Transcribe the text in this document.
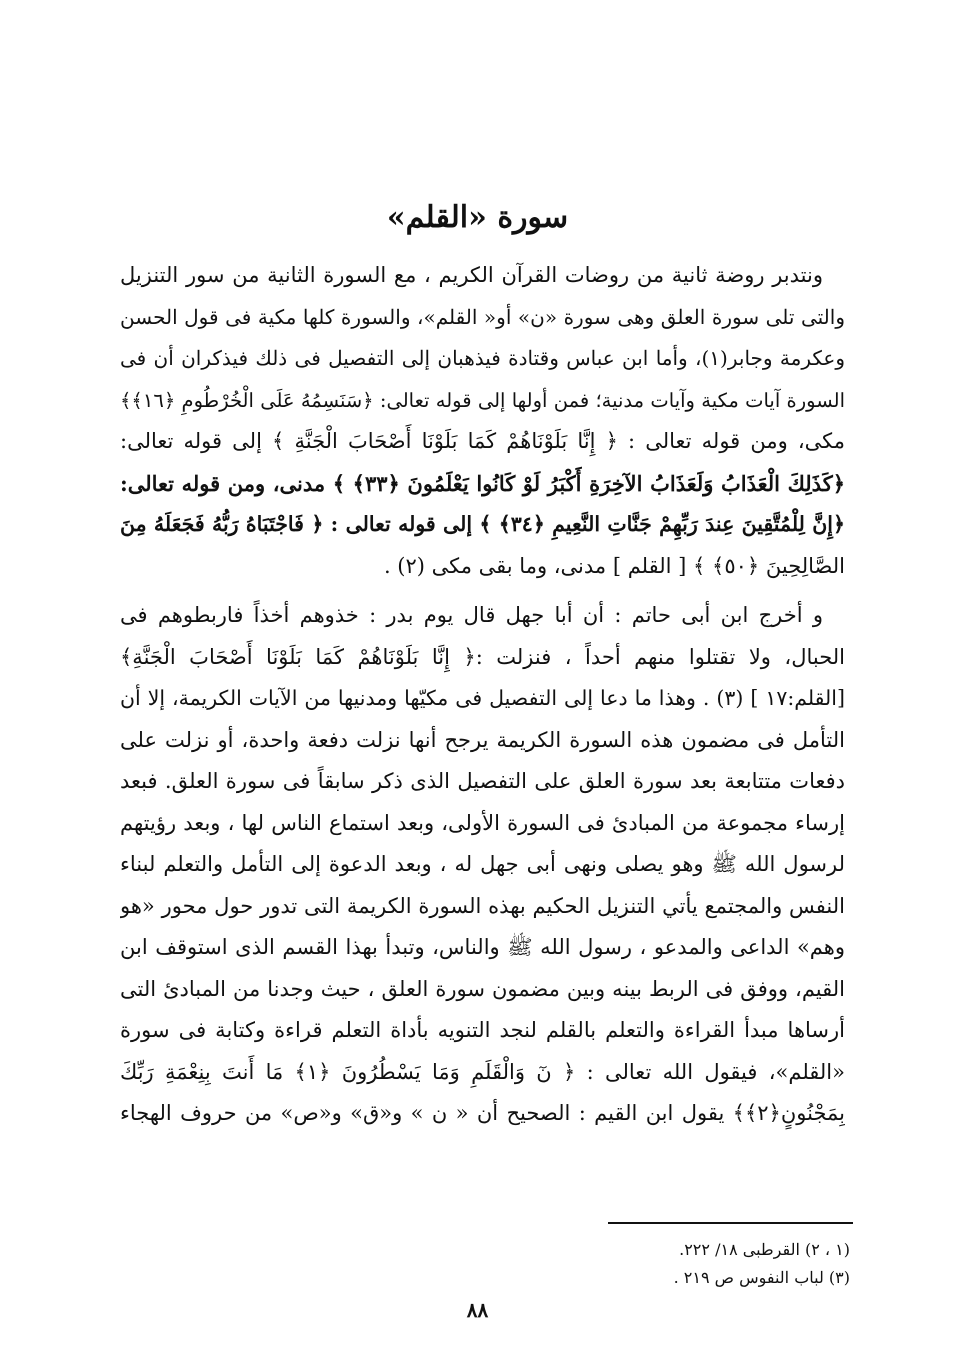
سورة «القلم»
ونتدبر روضة ثانية من روضات القرآن الكريم ، مع السورة الثانية من سور التنزيل
والتى تلى سورة العلق وهى سورة «ن» أو« القلم»، والسورة كلها مكية فى قول الحسن
وعكرمة وجابر(١)، وأما ابن عباس وقتادة فيذهبان إلى التفصيل فى ذلك فيذكران أن فى
السورة آيات مكية وآيات مدنية؛ فمن أولها إلى قوله تعالى: ﴿سَنَسِمُهُ عَلَى الْخُرْطُومِ ﴿١٦﴾﴾
مكى، ومن قوله تعالى : ﴿ إِنَّا بَلَوْنَاهُمْ كَمَا بَلَوْنَا أَصْحَابَ الْجَنَّةِ ﴾ إلى قوله تعالى:
﴿كَذَلِكَ الْعَذَابُ وَلَعَذَابُ الآخِرَةِ أَكْبَرُ لَوْ كَانُوا يَعْلَمُونَ ﴿٣٣﴾ ﴾ مدنى، ومن قوله تعالى:
﴿إِنَّ لِلْمُتَّقِينَ عِندَ رَبِّهِمْ جَنَّاتِ النَّعِيمِ ﴿٣٤﴾ ﴾ إلى قوله تعالى : ﴿ فَاجْتَبَاهُ رَبُّهُ فَجَعَلَهُ مِنَ
الصَّالِحِينَ ﴿٥٠﴾ ﴾ [ القلم ] مدنى، وما بقى مكى (٢) .
و أخرج ابن أبى حاتم : أن أبا جهل قال يوم بدر : خذوهم أخذاً فاربطوهم فى
الحبال، ولا تقتلوا منهم أحداً ، فنزلت :﴿ إِنَّا بَلَوْنَاهُمْ كَمَا بَلَوْنَا أَصْحَابَ الْجَنَّةِ﴾
[القلم:١٧ ] (٣) . وهذا ما دعا إلى التفصيل فى مكيّها ومدنيها من الآيات الكريمة، إلا أن
التأمل فى مضمون هذه السورة الكريمة يرجح أنها نزلت دفعة واحدة، أو نزلت على
دفعات متتابعة بعد سورة العلق على التفصيل الذى ذكر سابقاً فى سورة العلق. فبعد
إرساء مجموعة من المبادئ فى السورة الأولى، وبعد استماع الناس لها ، وبعد رؤيتهم
لرسول الله ﷺ وهو يصلى ونهى أبى جهل له ، وبعد الدعوة إلى التأمل والتعلم لبناء
النفس والمجتمع يأتي التنزيل الحكيم بهذه السورة الكريمة التى تدور حول محور «هو
وهم» الداعى والمدعو ، رسول الله ﷺ والناس، وتبدأ بهذا القسم الذى استوقف ابن
القيم، ووفق فى الربط بينه وبين مضمون سورة العلق ، حيث وجدنا من المبادئ التى
أرساها مبدأ القراءة والتعلم بالقلم لنجد التنويه بأداة التعلم قراءة وكتابة فى سورة
«القلم»، فيقول الله تعالى : ﴿ نٓ وَالْقَلَمِ وَمَا يَسْطُرُونَ ﴿١﴾ مَا أَنتَ بِنِعْمَةِ رَبِّكَ
بِمَجْنُونٍ﴿٢﴾﴾ يقول ابن القيم : الصحيح أن « ن » و«ق» و«ص» من حروف الهجاء
(١ ، ٢) القرطبى ١٨/ ٢٢٢.
(٣) لباب النفوس ص ٢١٩ .
٨٨
